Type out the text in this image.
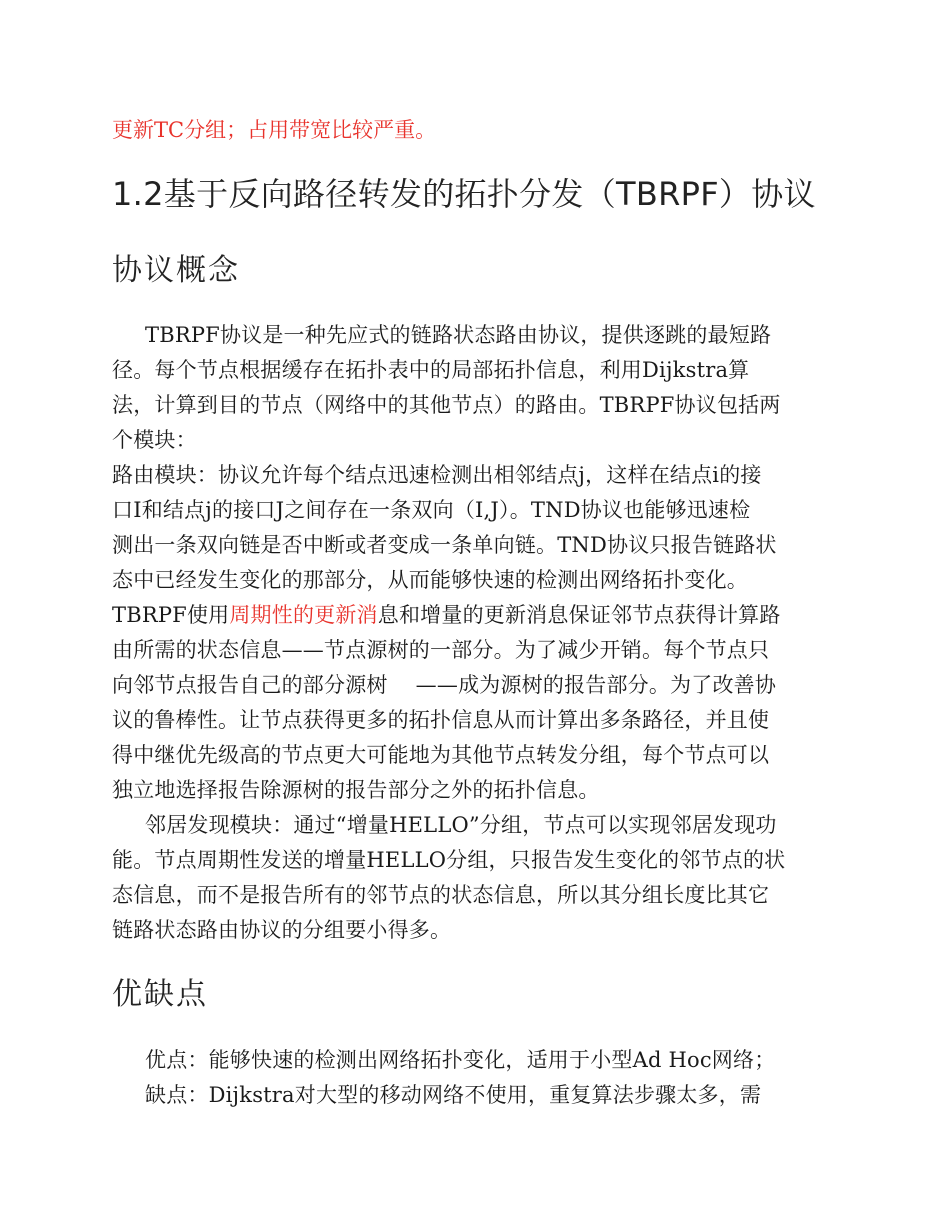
更新TC分组；占用带宽比较严重。
1.2基于反向路径转发的拓扑分发（TBRPF）协议
协议概念
TBRPF协议是一种先应式的链路状态路由协议，提供逐跳的最短路
径。每个节点根据缓存在拓扑表中的局部拓扑信息，利用Dijkstra算
法，计算到目的节点（网络中的其他节点）的路由。TBRPF协议包括两
个模块：
路由模块：协议允许每个结点迅速检测出相邻结点j，这样在结点i的接
口I和结点j的接口J之间存在一条双向（I,J）。TND协议也能够迅速检
测出一条双向链是否中断或者变成一条单向链。TND协议只报告链路状
态中已经发生变化的那部分，从而能够快速的检测出网络拓扑变化。
TBRPF使用周期性的更新消息和增量的更新消息保证邻节点获得计算路
由所需的状态信息——节点源树的一部分。为了减少开销。每个节点只
向邻节点报告自己的部分源树　 ——成为源树的报告部分。为了改善协
议的鲁棒性。让节点获得更多的拓扑信息从而计算出多条路径，并且使
得中继优先级高的节点更大可能地为其他节点转发分组，每个节点可以
独立地选择报告除源树的报告部分之外的拓扑信息。
邻居发现模块：通过“增量HELLO”分组，节点可以实现邻居发现功
能。节点周期性发送的增量HELLO分组，只报告发生变化的邻节点的状
态信息，而不是报告所有的邻节点的状态信息，所以其分组长度比其它
链路状态路由协议的分组要小得多。
优缺点
优点：能够快速的检测出网络拓扑变化，适用于小型Ad Hoc网络；
缺点：Dijkstra对大型的移动网络不使用，重复算法步骤太多，需
